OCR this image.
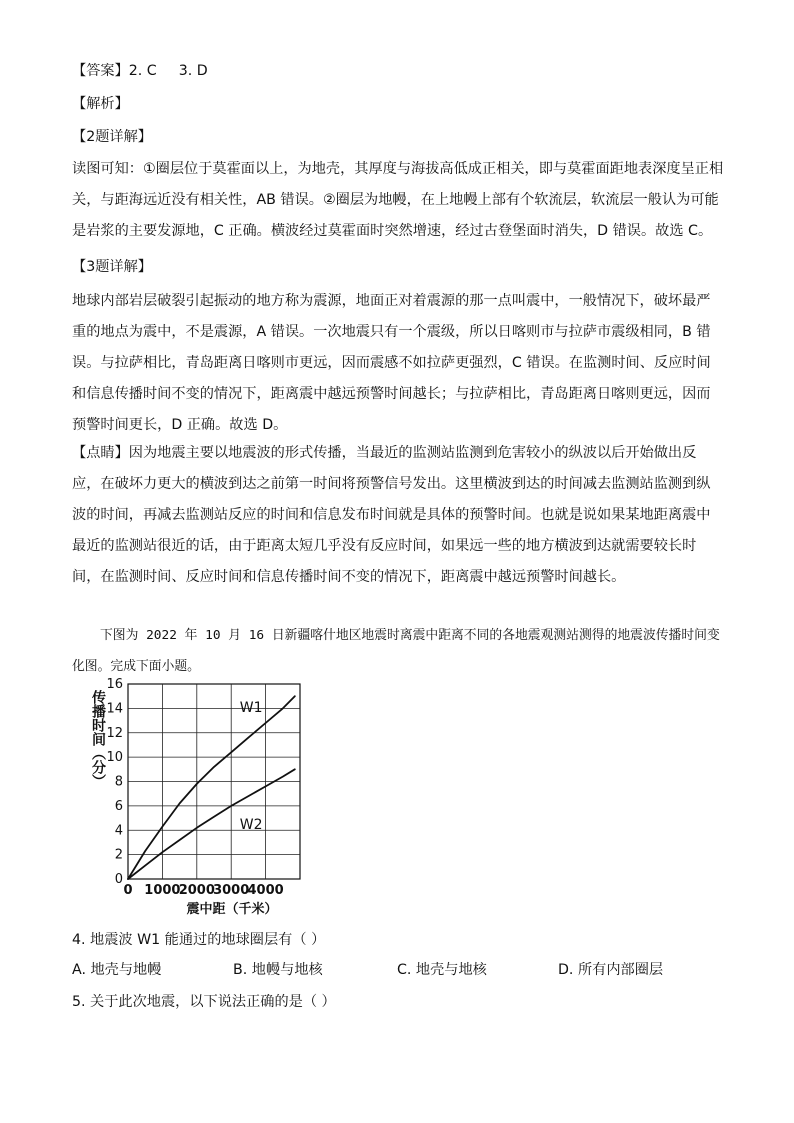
【答案】2. C 3. D
【解析】
【2题详解】
读图可知：①圈层位于莫霍面以上，为地壳，其厚度与海拔高低成正相关，即与莫霍面距地表深度呈正相关，与距海远近没有相关性，AB 错误。②圈层为地幔，在上地幔上部有个软流层，软流层一般认为可能是岩浆的主要发源地，C 正确。横波经过莫霍面时突然增速，经过古登堡面时消失，D 错误。故选 C。
【3题详解】
地球内部岩层破裂引起振动的地方称为震源，地面正对着震源的那一点叫震中，一般情况下，破坏最严重的地点为震中，不是震源，A 错误。一次地震只有一个震级，所以日喀则市与拉萨市震级相同，B 错误。与拉萨相比，青岛距离日喀则市更远，因而震感不如拉萨更强烈，C 错误。在监测时间、反应时间和信息传播时间不变的情况下，距离震中越远预警时间越长；与拉萨相比，青岛距离日喀则更远，因而预警时间更长，D 正确。故选 D。
【点睛】因为地震主要以地震波的形式传播，当最近的监测站监测到危害较小的纵波以后开始做出反应，在破坏力更大的横波到达之前第一时间将预警信号发出。这里横波到达的时间减去监测站监测到纵波的时间，再减去监测站反应的时间和信息发布时间就是具体的预警时间。也就是说如果某地距离震中最近的监测站很近的话，由于距离太短几乎没有反应时间，如果远一些的地方横波到达就需要较长时间，在监测时间、反应时间和信息传播时间不变的情况下，距离震中越远预警时间越长。
下图为 2022 年 10 月 16 日新疆喀什地区地震时离震中距离不同的各地震观测站测得的地震波传播时间变化图。完成下面小题。
0
2
4
6
8
10
12
14
16
0 1000
2000
3000
4000
传播时间（分）
震中距（千米）
W1
W2
4. 地震波 W1 能通过的地球圈层有（ ）
A. 地壳与地幔	B. 地幔与地核	C. 地壳与地核	D. 所有内部圈层
5. 关于此次地震，以下说法正确的是（ ）
